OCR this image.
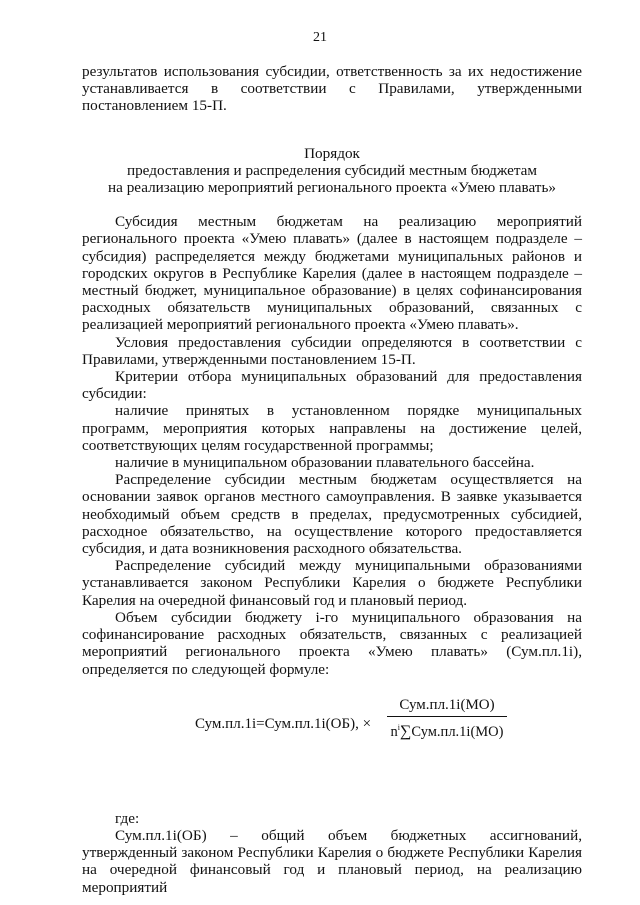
21

результатов использования субсидии, ответственность за их недостижение устанавливается в соответствии с Правилами, утвержденными постановлением 15-П.

Порядок

предоставления и распределения субсидий местным бюджетам

на реализацию мероприятий регионального проекта «Умею плавать»

Субсидия местным бюджетам на реализацию мероприятий регионального проекта «Умею плавать» (далее в настоящем подразделе – субсидия) распределяется между бюджетами муниципальных районов и городских округов в Республике Карелия (далее в настоящем подразделе – местный бюджет, муниципальное образование) в целях софинансирования расходных обязательств муниципальных образований, связанных с реализацией мероприятий регионального проекта «Умею плавать».

Условия предоставления субсидии определяются в соответствии с Правилами, утвержденными постановлением 15-П.

Критерии отбора муниципальных образований для предоставления субсидии:

наличие принятых в установленном порядке муниципальных программ, мероприятия которых направлены на достижение целей, соответствующих целям государственной программы;

наличие в муниципальном образовании плавательного бассейна.

Распределение субсидии местным бюджетам осуществляется на основании заявок органов местного самоуправления. В заявке указывается необходимый объем средств в пределах, предусмотренных субсидией, расходное обязательство, на осуществление которого предоставляется субсидия, и дата возникновения расходного обязательства.

Распределение субсидий между муниципальными образованиями устанавливается законом Республики Карелия о бюджете Республики Карелия на очередной финансовый год и плановый период.

Объем субсидии бюджету i-го муниципального образования на софинансирование расходных обязательств, связанных с реализацией мероприятий регионального проекта «Умею плавать» (Сум.пл.1i), определяется по следующей формуле:

Сум.пл.1i=Сум.пл.1i(ОБ), ×
Сум.пл.1i(МО)
$n^i\sum Сум.пл.1i(МО)$

где:

Сум.пл.1i(ОБ) – общий объем бюджетных ассигнований, утвержденный законом Республики Карелия о бюджете Республики Карелия на очередной финансовый год и плановый период, на реализацию мероприятий
